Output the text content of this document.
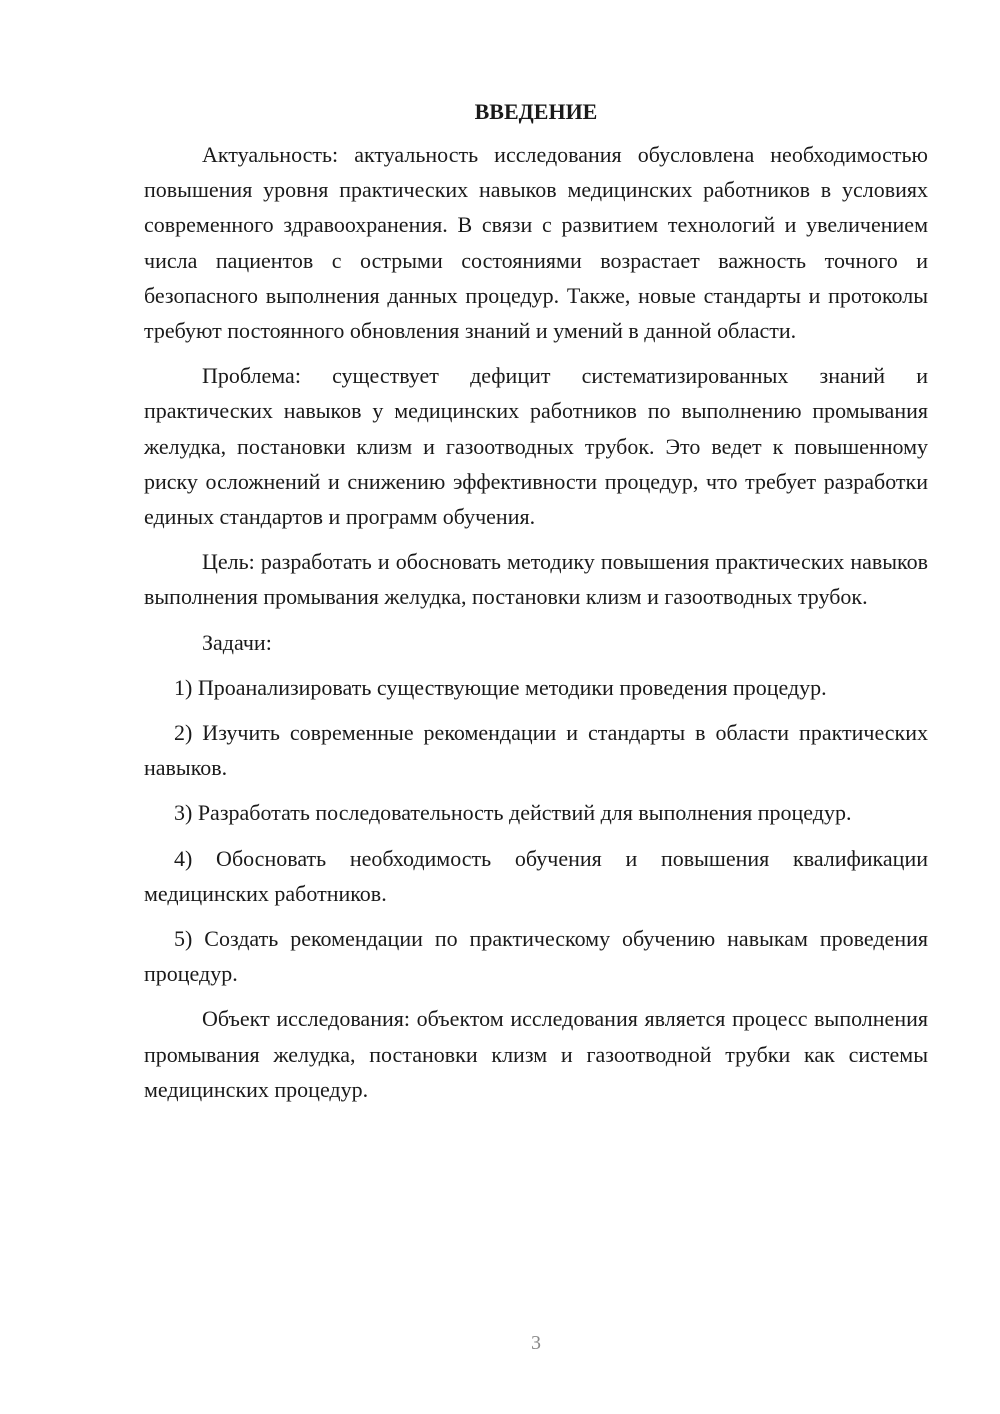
ВВЕДЕНИЕ

Актуальность: актуальность исследования обусловлена необходимостью повышения уровня практических навыков медицинских работников в условиях современного здравоохранения. В связи с развитием технологий и увеличением числа пациентов с острыми состояниями возрастает важность точного и безопасного выполнения данных процедур. Также, новые стандарты и протоколы требуют постоянного обновления знаний и умений в данной области.

Проблема: существует дефицит систематизированных знаний и практических навыков у медицинских работников по выполнению промывания желудка, постановки клизм и газоотводных трубок. Это ведет к повышенному риску осложнений и снижению эффективности процедур, что требует разработки единых стандартов и программ обучения.

Цель: разработать и обосновать методику повышения практических навыков выполнения промывания желудка, постановки клизм и газоотводных трубок.

Задачи:

1) Проанализировать существующие методики проведения процедур.

2) Изучить современные рекомендации и стандарты в области практических навыков.

3) Разработать последовательность действий для выполнения процедур.

4) Обосновать необходимость обучения и повышения квалификации медицинских работников.

5) Создать рекомендации по практическому обучению навыкам проведения процедур.

Объект исследования: объектом исследования является процесс выполнения промывания желудка, постановки клизм и газоотводной трубки как системы медицинских процедур.

3
